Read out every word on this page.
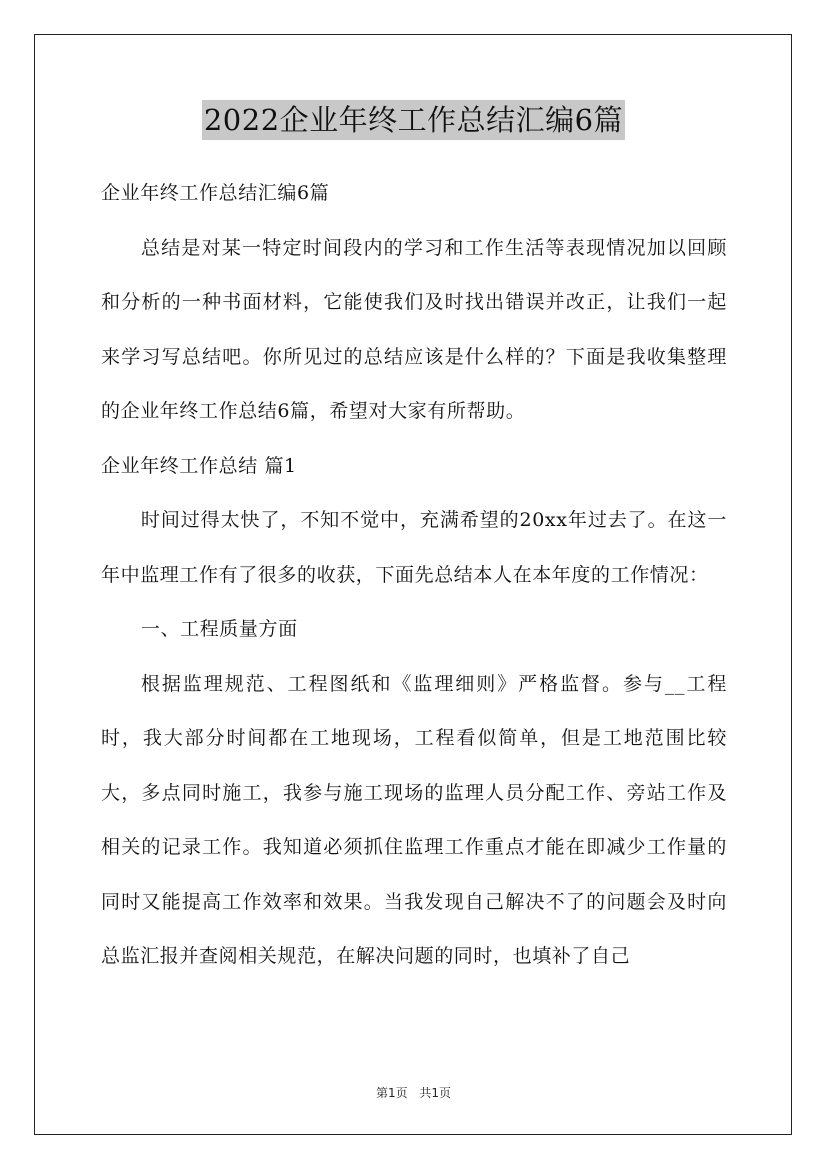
2022企业年终工作总结汇编6篇

企业年终工作总结汇编6篇

总结是对某一特定时间段内的学习和工作生活等表现情况加以回顾和分析的一种书面材料，它能使我们及时找出错误并改正，让我们一起来学习写总结吧。你所见过的总结应该是什么样的？下面是我收集整理的企业年终工作总结6篇，希望对大家有所帮助。

企业年终工作总结 篇1

时间过得太快了，不知不觉中，充满希望的20xx年过去了。在这一年中监理工作有了很多的收获，下面先总结本人在本年度的工作情况：

一、工程质量方面

根据监理规范、工程图纸和《监理细则》严格监督。参与__工程时，我大部分时间都在工地现场，工程看似简单，但是工地范围比较大，多点同时施工，我参与施工现场的监理人员分配工作、旁站工作及相关的记录工作。我知道必须抓住监理工作重点才能在即减少工作量的同时又能提高工作效率和效果。当我发现自己解决不了的问题会及时向总监汇报并查阅相关规范，在解决问题的同时，也填补了自己

第1页 共1页
